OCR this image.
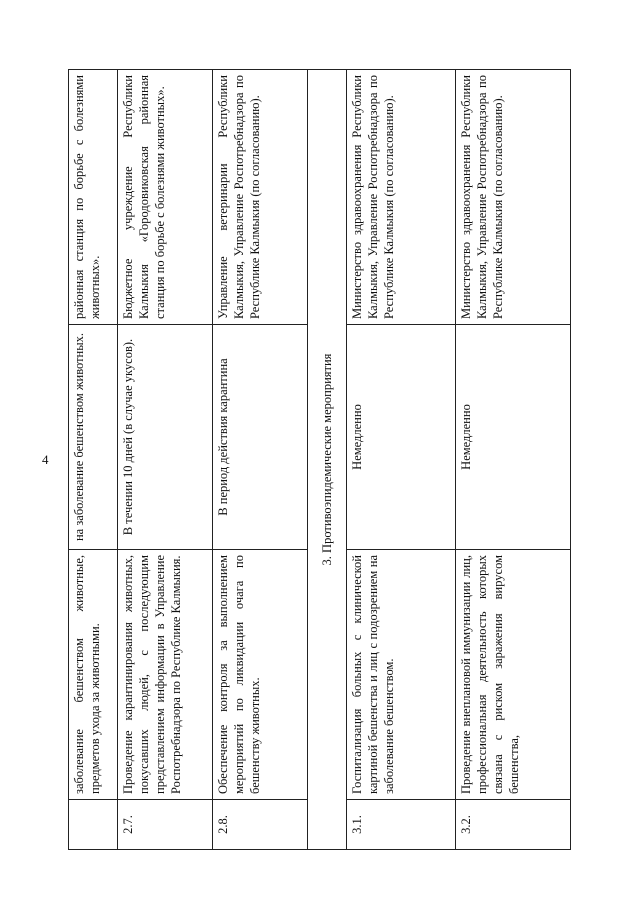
4
	заболевание бешенством животные, предметов ухода за животными.	на заболевание бешенством животных.	районная станция по борьбе с болезнями животных».
2.7.	Проведение карантинирования животных, покусавших людей, с последующим представлением информации в Управление Роспотребнадзора по Республике Калмыкия.	В течении 10 дней (в случае укусов).	Бюджетное учреждение Республики Калмыкия «Городовиковская районная станция по борьбе с болезнями животных».
2.8.	Обеспечение контроля за выполнением мероприятий по ликвидации очага по бешенству животных.	В период действия карантина	Управление ветеринарии Республики Калмыкия, Управление Роспотребнадзора по Республике Калмыкия (по согласованию).
3. Противоэпидемические мероприятия			
3.1.	Госпитализация больных с клинической картиной бешенства и лиц с подозрением на заболевание бешенством.	Немедленно	Министерство здравоохранения Республики Калмыкия, Управление Роспотребнадзора по Республике Калмыкия (по согласованию).
3.2.	Проведение внеплановой иммунизации лиц, профессиональная деятельность которых связана с риском заражения вирусом бешенства,	Немедленно	Министерство здравоохранения Республики Калмыкия, Управление Роспотребнадзора по Республике Калмыкия (по согласованию).
